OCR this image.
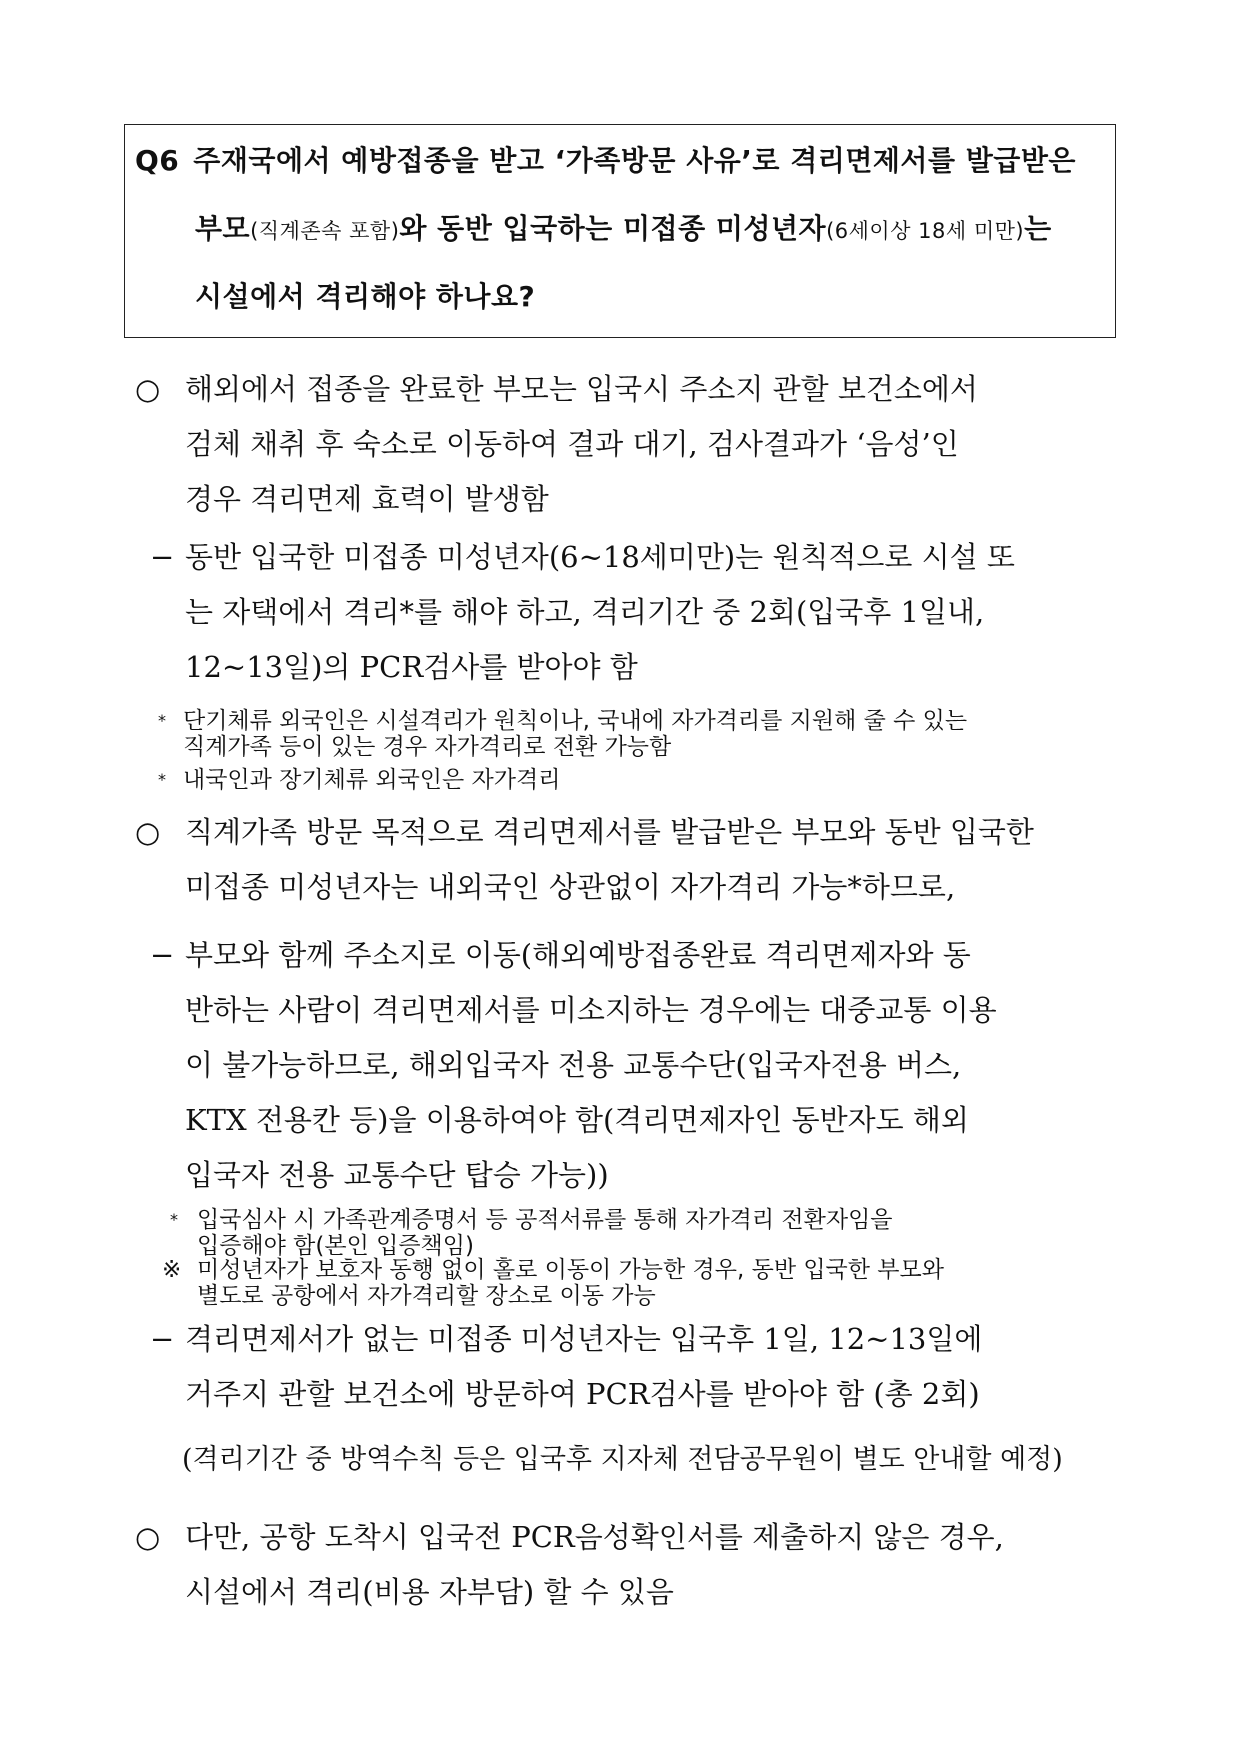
Q6 주재국에서 예방접종을 받고 ‘가족방문 사유’로 격리면제서를 발급받은
부모(직계존속 포함)와 동반 입국하는 미접종 미성년자(6세이상 18세 미만)는
시설에서 격리해야 하나요?
○ 해외에서 접종을 완료한 부모는 입국시 주소지 관할 보건소에서
검체 채취 후 숙소로 이동하여 결과 대기, 검사결과가 ‘음성’인
경우 격리면제 효력이 발생함
− 동반 입국한 미접종 미성년자(6~18세미만)는 원칙적으로 시설 또
는 자택에서 격리*를 해야 하고, 격리기간 중 2회(입국후 1일내,
12~13일)의 PCR검사를 받아야 함
* 단기체류 외국인은 시설격리가 원칙이나, 국내에 자가격리를 지원해 줄 수 있는
직계가족 등이 있는 경우 자가격리로 전환 가능함
* 내국인과 장기체류 외국인은 자가격리
○ 직계가족 방문 목적으로 격리면제서를 발급받은 부모와 동반 입국한
미접종 미성년자는 내외국인 상관없이 자가격리 가능*하므로,
− 부모와 함께 주소지로 이동(해외예방접종완료 격리면제자와 동
반하는 사람이 격리면제서를 미소지하는 경우에는 대중교통 이용
이 불가능하므로, 해외입국자 전용 교통수단(입국자전용 버스,
KTX 전용칸 등)을 이용하여야 함(격리면제자인 동반자도 해외
입국자 전용 교통수단 탑승 가능))
* 입국심사 시 가족관계증명서 등 공적서류를 통해 자가격리 전환자임을
입증해야 함(본인 입증책임)
※ 미성년자가 보호자 동행 없이 홀로 이동이 가능한 경우, 동반 입국한 부모와
별도로 공항에서 자가격리할 장소로 이동 가능
− 격리면제서가 없는 미접종 미성년자는 입국후 1일, 12~13일에
거주지 관할 보건소에 방문하여 PCR검사를 받아야 함 (총 2회)
(격리기간 중 방역수칙 등은 입국후 지자체 전담공무원이 별도 안내할 예정)
○ 다만, 공항 도착시 입국전 PCR음성확인서를 제출하지 않은 경우,
시설에서 격리(비용 자부담) 할 수 있음
